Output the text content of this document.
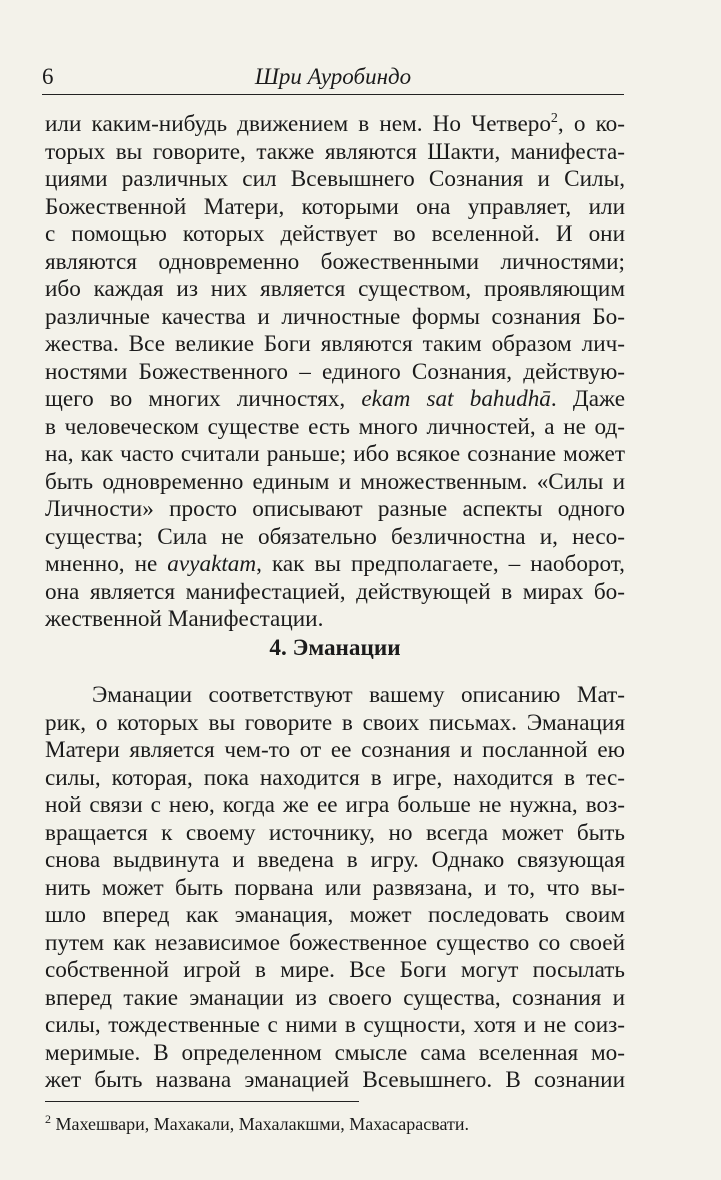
6	Шри Ауробиндо
или каким-нибудь движением в нем. Но Четверо$^2$, о ко-
торых вы говорите, также являются Шакти, манифеста-
циями различных сил Всевышнего Сознания и Силы,
Божественной Матери, которыми она управляет, или
с помощью которых действует во вселенной. И они
являются одновременно божественными личностями;
ибо каждая из них является существом, проявляющим
различные качества и личностные формы сознания Бо-
жества. Все великие Боги являются таким образом лич-
ностями Божественного – единого Сознания, действую-
щего во многих личностях, ekam sat bahudhā. Даже
в человеческом существе есть много личностей, а не од-
на, как часто считали раньше; ибо всякое сознание может
быть одновременно единым и множественным. «Силы и
Личности» просто описывают разные аспекты одного
существа; Сила не обязательно безличностна и, несо-
мненно, не avyaktam, как вы предполагаете, – наоборот,
она является манифестацией, действующей в мирах бо-
жественной Манифестации.
4. Эманации
Эманации соответствуют вашему описанию Мат-
рик, о которых вы говорите в своих письмах. Эманация
Матери является чем-то от ее сознания и посланной ею
силы, которая, пока находится в игре, находится в тес-
ной связи с нею, когда же ее игра больше не нужна, воз-
вращается к своему источнику, но всегда может быть
снова выдвинута и введена в игру. Однако связующая
нить может быть порвана или развязана, и то, что вы-
шло вперед как эманация, может последовать своим
путем как независимое божественное существо со своей
собственной игрой в мире. Все Боги могут посылать
вперед такие эманации из своего существа, сознания и
силы, тождественные с ними в сущности, хотя и не соиз-
меримые. В определенном смысле сама вселенная мо-
жет быть названа эманацией Всевышнего. В сознании
$^2$ Махешвари, Махакали, Махалакшми, Махасарасвати.
